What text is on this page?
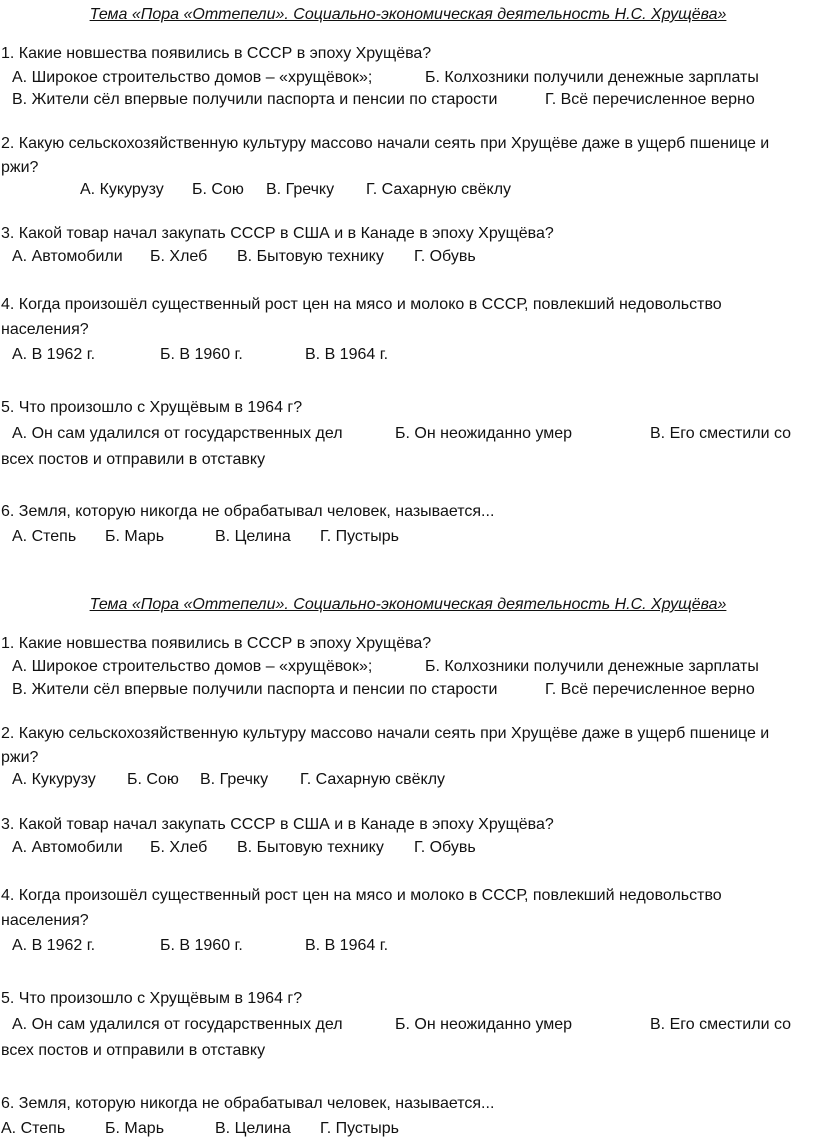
Тема «Пора «Оттепели». Социально-экономическая деятельность Н.С. Хрущёва»
1. Какие новшества появились в СССР в эпоху Хрущёва?
А. Широкое строительство домов – «хрущёвок»;	Б. Колхозники получили денежные зарплаты
В. Жители сёл впервые получили паспорта и пенсии по старости	Г. Всё перечисленное верно
2. Какую сельскохозяйственную культуру массово начали сеять при Хрущёве даже в ущерб пшенице и
ржи?
А. Кукурузу Б. Сою В. Гречку Г. Сахарную свёклу
3. Какой товар начал закупать СССР в США и в Канаде в эпоху Хрущёва?
А. Автомобили Б. Хлеб В. Бытовую технику Г. Обувь
4. Когда произошёл существенный рост цен на мясо и молоко в СССР, повлекший недовольство
населения?
А. В 1962 г.	Б. В 1960 г.	В. В 1964 г.
5. Что произошло с Хрущёвым в 1964 г?
А. Он сам удалился от государственных дел	Б. Он неожиданно умер	В. Его сместили со
всех постов и отправили в отставку
6. Земля, которую никогда не обрабатывал человек, называется...
А. Степь Б. Марь	В. Целина Г. Пустырь
Тема «Пора «Оттепели». Социально-экономическая деятельность Н.С. Хрущёва»
1. Какие новшества появились в СССР в эпоху Хрущёва?
А. Широкое строительство домов – «хрущёвок»;	Б. Колхозники получили денежные зарплаты
В. Жители сёл впервые получили паспорта и пенсии по старости	Г. Всё перечисленное верно
2. Какую сельскохозяйственную культуру массово начали сеять при Хрущёве даже в ущерб пшенице и
ржи?
А. Кукурузу Б. Сою В. Гречку Г. Сахарную свёклу
3. Какой товар начал закупать СССР в США и в Канаде в эпоху Хрущёва?
А. Автомобили Б. Хлеб В. Бытовую технику Г. Обувь
4. Когда произошёл существенный рост цен на мясо и молоко в СССР, повлекший недовольство
населения?
А. В 1962 г.	Б. В 1960 г.	В. В 1964 г.
5. Что произошло с Хрущёвым в 1964 г?
А. Он сам удалился от государственных дел	Б. Он неожиданно умер	В. Его сместили со
всех постов и отправили в отставку
6. Земля, которую никогда не обрабатывал человек, называется...
А. Степь Б. Марь	В. Целина Г. Пустырь
